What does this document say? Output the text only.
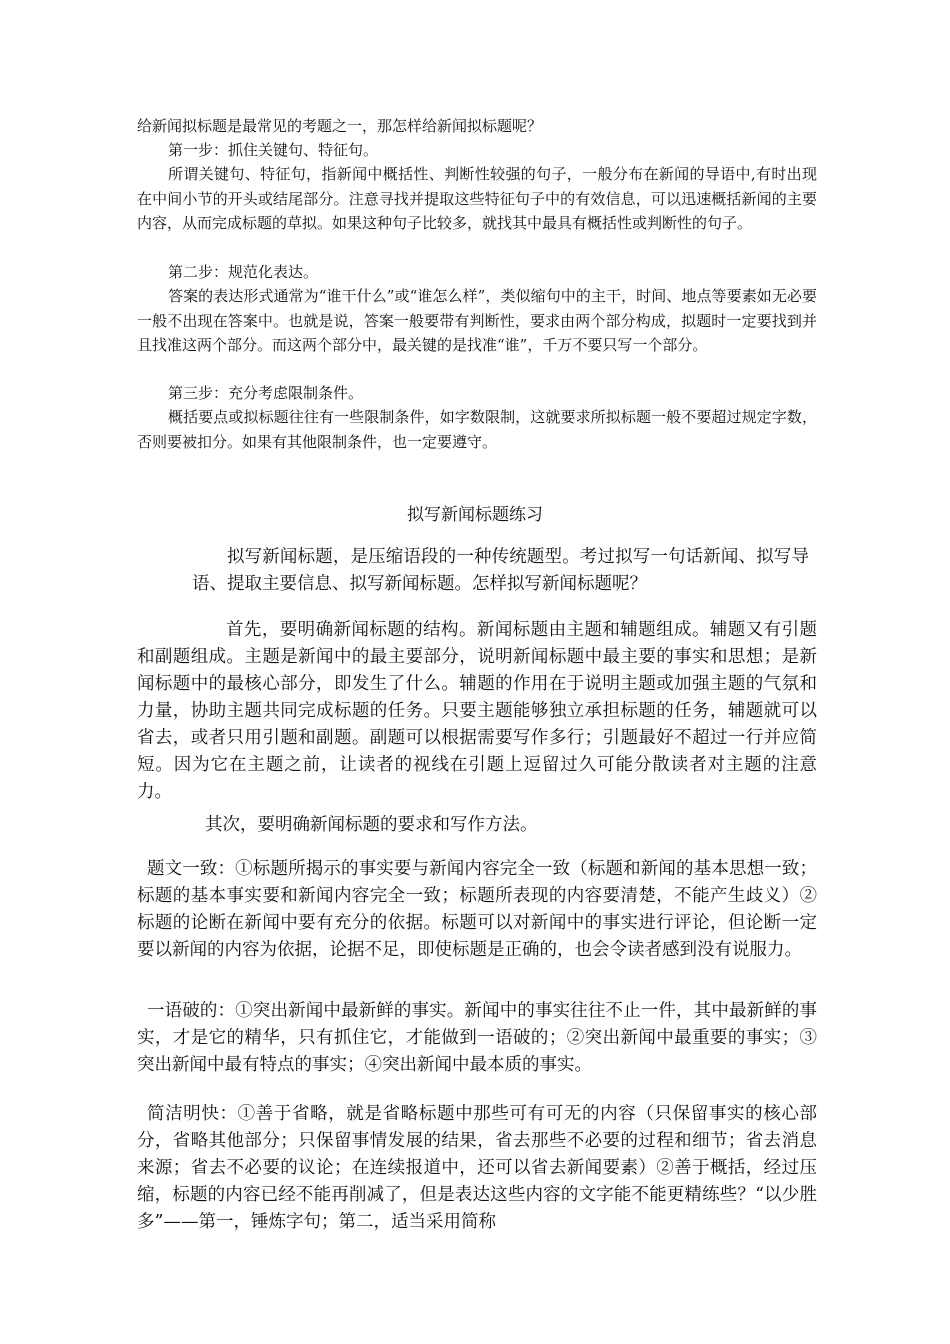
给新闻拟标题是最常见的考题之一，那怎样给新闻拟标题呢？

第一步：抓住关键句、特征句。

所谓关键句、特征句，指新闻中概括性、判断性较强的句子，一般分布在新闻的导语中,有时出现在中间小节的开头或结尾部分。注意寻找并提取这些特征句子中的有效信息，可以迅速概括新闻的主要内容，从而完成标题的草拟。如果这种句子比较多，就找其中最具有概括性或判断性的句子。

第二步：规范化表达。

答案的表达形式通常为“谁干什么”或“谁怎么样”，类似缩句中的主干，时间、地点等要素如无必要一般不出现在答案中。也就是说，答案一般要带有判断性，要求由两个部分构成，拟题时一定要找到并且找准这两个部分。而这两个部分中，最关键的是找准“谁”，千万不要只写一个部分。

第三步：充分考虑限制条件。

概括要点或拟标题往往有一些限制条件，如字数限制，这就要求所拟标题一般不要超过规定字数，否则要被扣分。如果有其他限制条件，也一定要遵守。

拟写新闻标题练习

拟写新闻标题，是压缩语段的一种传统题型。考过拟写一句话新闻、拟写导语、提取主要信息、拟写新闻标题。怎样拟写新闻标题呢？

首先，要明确新闻标题的结构。新闻标题由主题和辅题组成。辅题又有引题和副题组成。主题是新闻中的最主要部分，说明新闻标题中最主要的事实和思想；是新闻标题中的最核心部分，即发生了什么。辅题的作用在于说明主题或加强主题的气氛和力量，协助主题共同完成标题的任务。只要主题能够独立承担标题的任务，辅题就可以省去，或者只用引题和副题。副题可以根据需要写作多行；引题最好不超过一行并应简短。因为它在主题之前，让读者的视线在引题上逗留过久可能分散读者对主题的注意力。

其次，要明确新闻标题的要求和写作方法。

题文一致：①标题所揭示的事实要与新闻内容完全一致（标题和新闻的基本思想一致；标题的基本事实要和新闻内容完全一致；标题所表现的内容要清楚，不能产生歧义）②标题的论断在新闻中要有充分的依据。标题可以对新闻中的事实进行评论，但论断一定要以新闻的内容为依据，论据不足，即使标题是正确的，也会令读者感到没有说服力。

一语破的：①突出新闻中最新鲜的事实。新闻中的事实往往不止一件，其中最新鲜的事实，才是它的精华，只有抓住它，才能做到一语破的；②突出新闻中最重要的事实；③突出新闻中最有特点的事实；④突出新闻中最本质的事实。

简洁明快：①善于省略，就是省略标题中那些可有可无的内容（只保留事实的核心部分，省略其他部分；只保留事情发展的结果，省去那些不必要的过程和细节；省去消息来源；省去不必要的议论；在连续报道中，还可以省去新闻要素）②善于概括，经过压缩，标题的内容已经不能再削减了，但是表达这些内容的文字能不能更精练些？“以少胜多”——第一，锤炼字句；第二，适当采用简称
